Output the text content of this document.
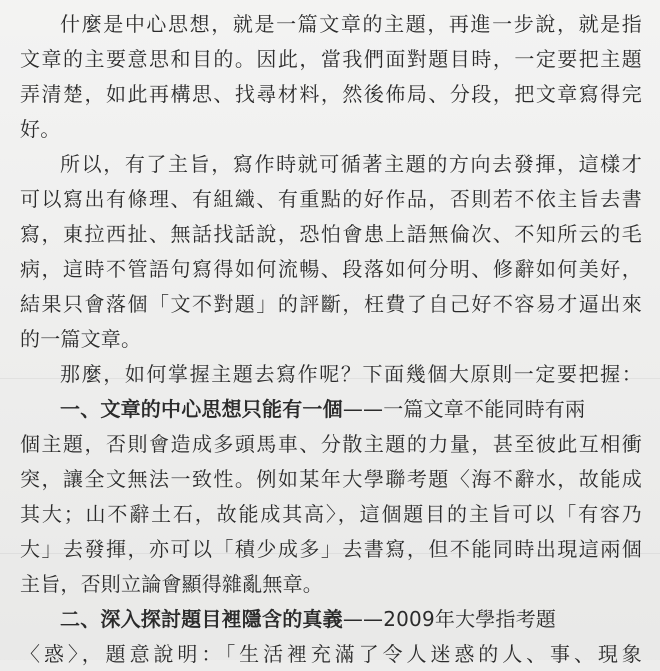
什麼是中心思想，就是一篇文章的主題，再進一步說，就是指
文章的主要意思和目的。因此，當我們面對題目時，一定要把主題
弄清楚，如此再構思、找尋材料，然後佈局、分段，把文章寫得完
好。
所以，有了主旨，寫作時就可循著主題的方向去發揮，這樣才
可以寫出有條理、有組織、有重點的好作品，否則若不依主旨去書
寫，東拉西扯、無話找話說，恐怕會患上語無倫次、不知所云的毛
病，這時不管語句寫得如何流暢、段落如何分明、修辭如何美好，
結果只會落個「文不對題」的評斷，枉費了自己好不容易才逼出來
的一篇文章。
那麼，如何掌握主題去寫作呢？下面幾個大原則一定要把握：
一、文章的中心思想只能有一個——一篇文章不能同時有兩
個主題，否則會造成多頭馬車、分散主題的力量，甚至彼此互相衝
突，讓全文無法一致性。例如某年大學聯考題〈海不辭水，故能成
其大；山不辭土石，故能成其高〉，這個題目的主旨可以「有容乃
大」去發揮，亦可以「積少成多」去書寫，但不能同時出現這兩個
主旨，否則立論會顯得雜亂無章。
二、深入探討題目裡隱含的真義——2009年大學指考題
〈惑〉，題意說明：「生活裡充滿了令人迷惑的人、事、現象
